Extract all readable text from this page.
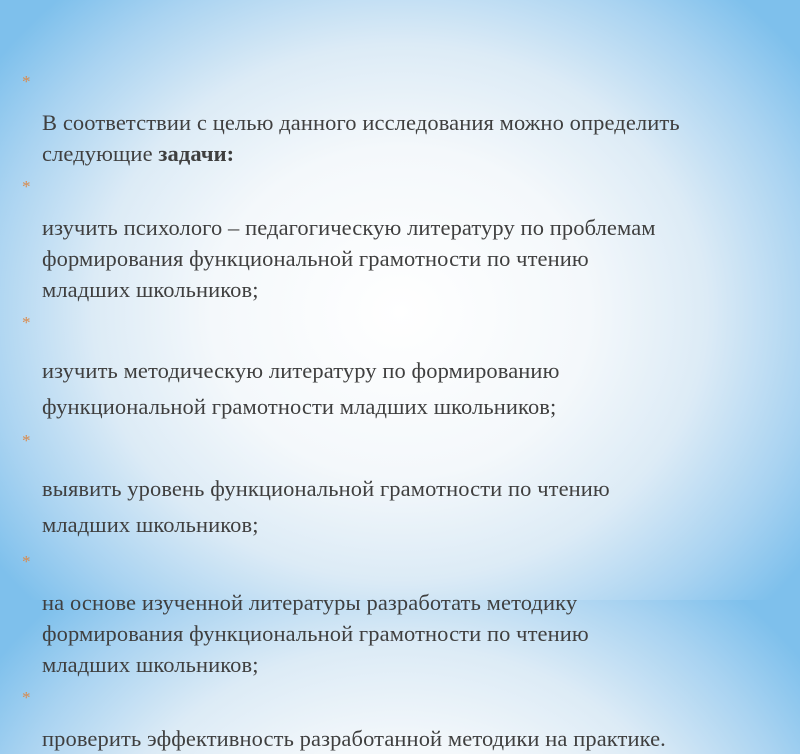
*
В соответствии с целью данного исследования можно определить
следующие задачи:

*
изучить психолого – педагогическую литературу по проблемам
формирования функциональной грамотности по чтению
младших школьников;

*
изучить методическую литературу по формированию
функциональной грамотности младших школьников;

*
выявить уровень функциональной грамотности по чтению
младших школьников;

*
на основе изученной литературы разработать методику
формирования функциональной грамотности по чтению
младших школьников;

*
проверить эффективность разработанной методики на практике.
